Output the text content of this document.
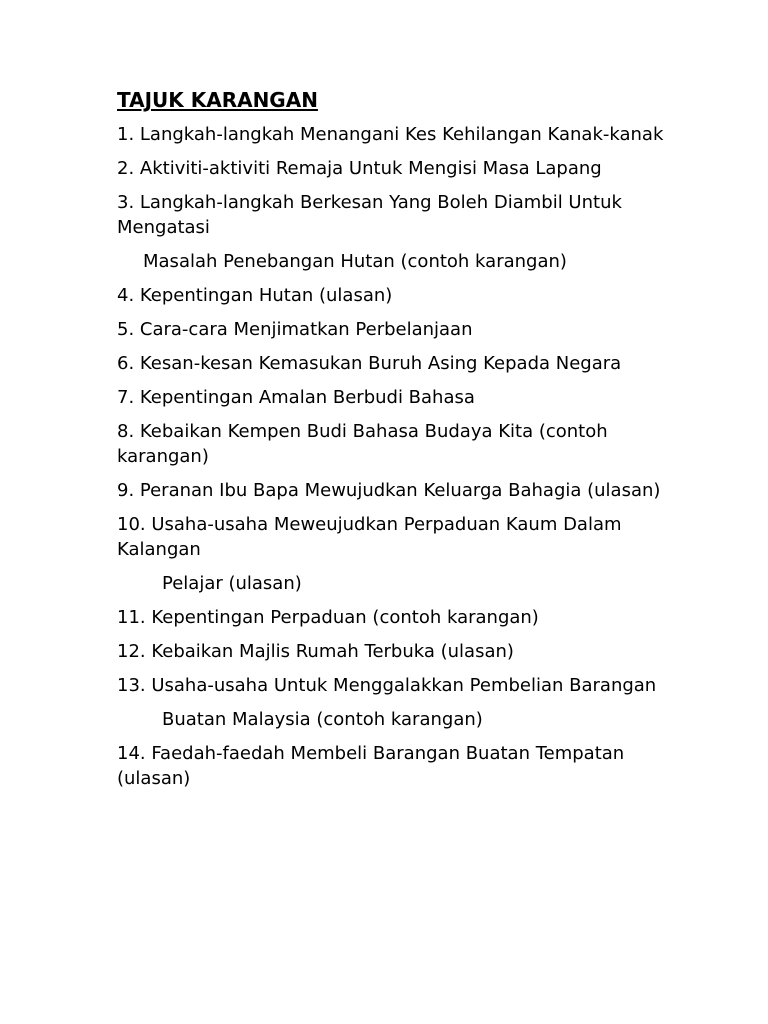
TAJUK KARANGAN
1. Langkah-langkah Menangani Kes Kehilangan Kanak-kanak
2. Aktiviti-aktiviti Remaja Untuk Mengisi Masa Lapang
3. Langkah-langkah Berkesan Yang Boleh Diambil Untuk Mengatasi
Masalah Penebangan Hutan (contoh karangan)
4. Kepentingan Hutan (ulasan)
5. Cara-cara Menjimatkan Perbelanjaan
6. Kesan-kesan Kemasukan Buruh Asing Kepada Negara
7. Kepentingan Amalan Berbudi Bahasa
8. Kebaikan Kempen Budi Bahasa Budaya Kita (contoh karangan)
9. Peranan Ibu Bapa Mewujudkan Keluarga Bahagia (ulasan)
10. Usaha-usaha Meweujudkan Perpaduan Kaum Dalam Kalangan
Pelajar (ulasan)
11. Kepentingan Perpaduan (contoh karangan)
12. Kebaikan Majlis Rumah Terbuka (ulasan)
13. Usaha-usaha Untuk Menggalakkan Pembelian Barangan
Buatan Malaysia (contoh karangan)
14. Faedah-faedah Membeli Barangan Buatan Tempatan (ulasan)
